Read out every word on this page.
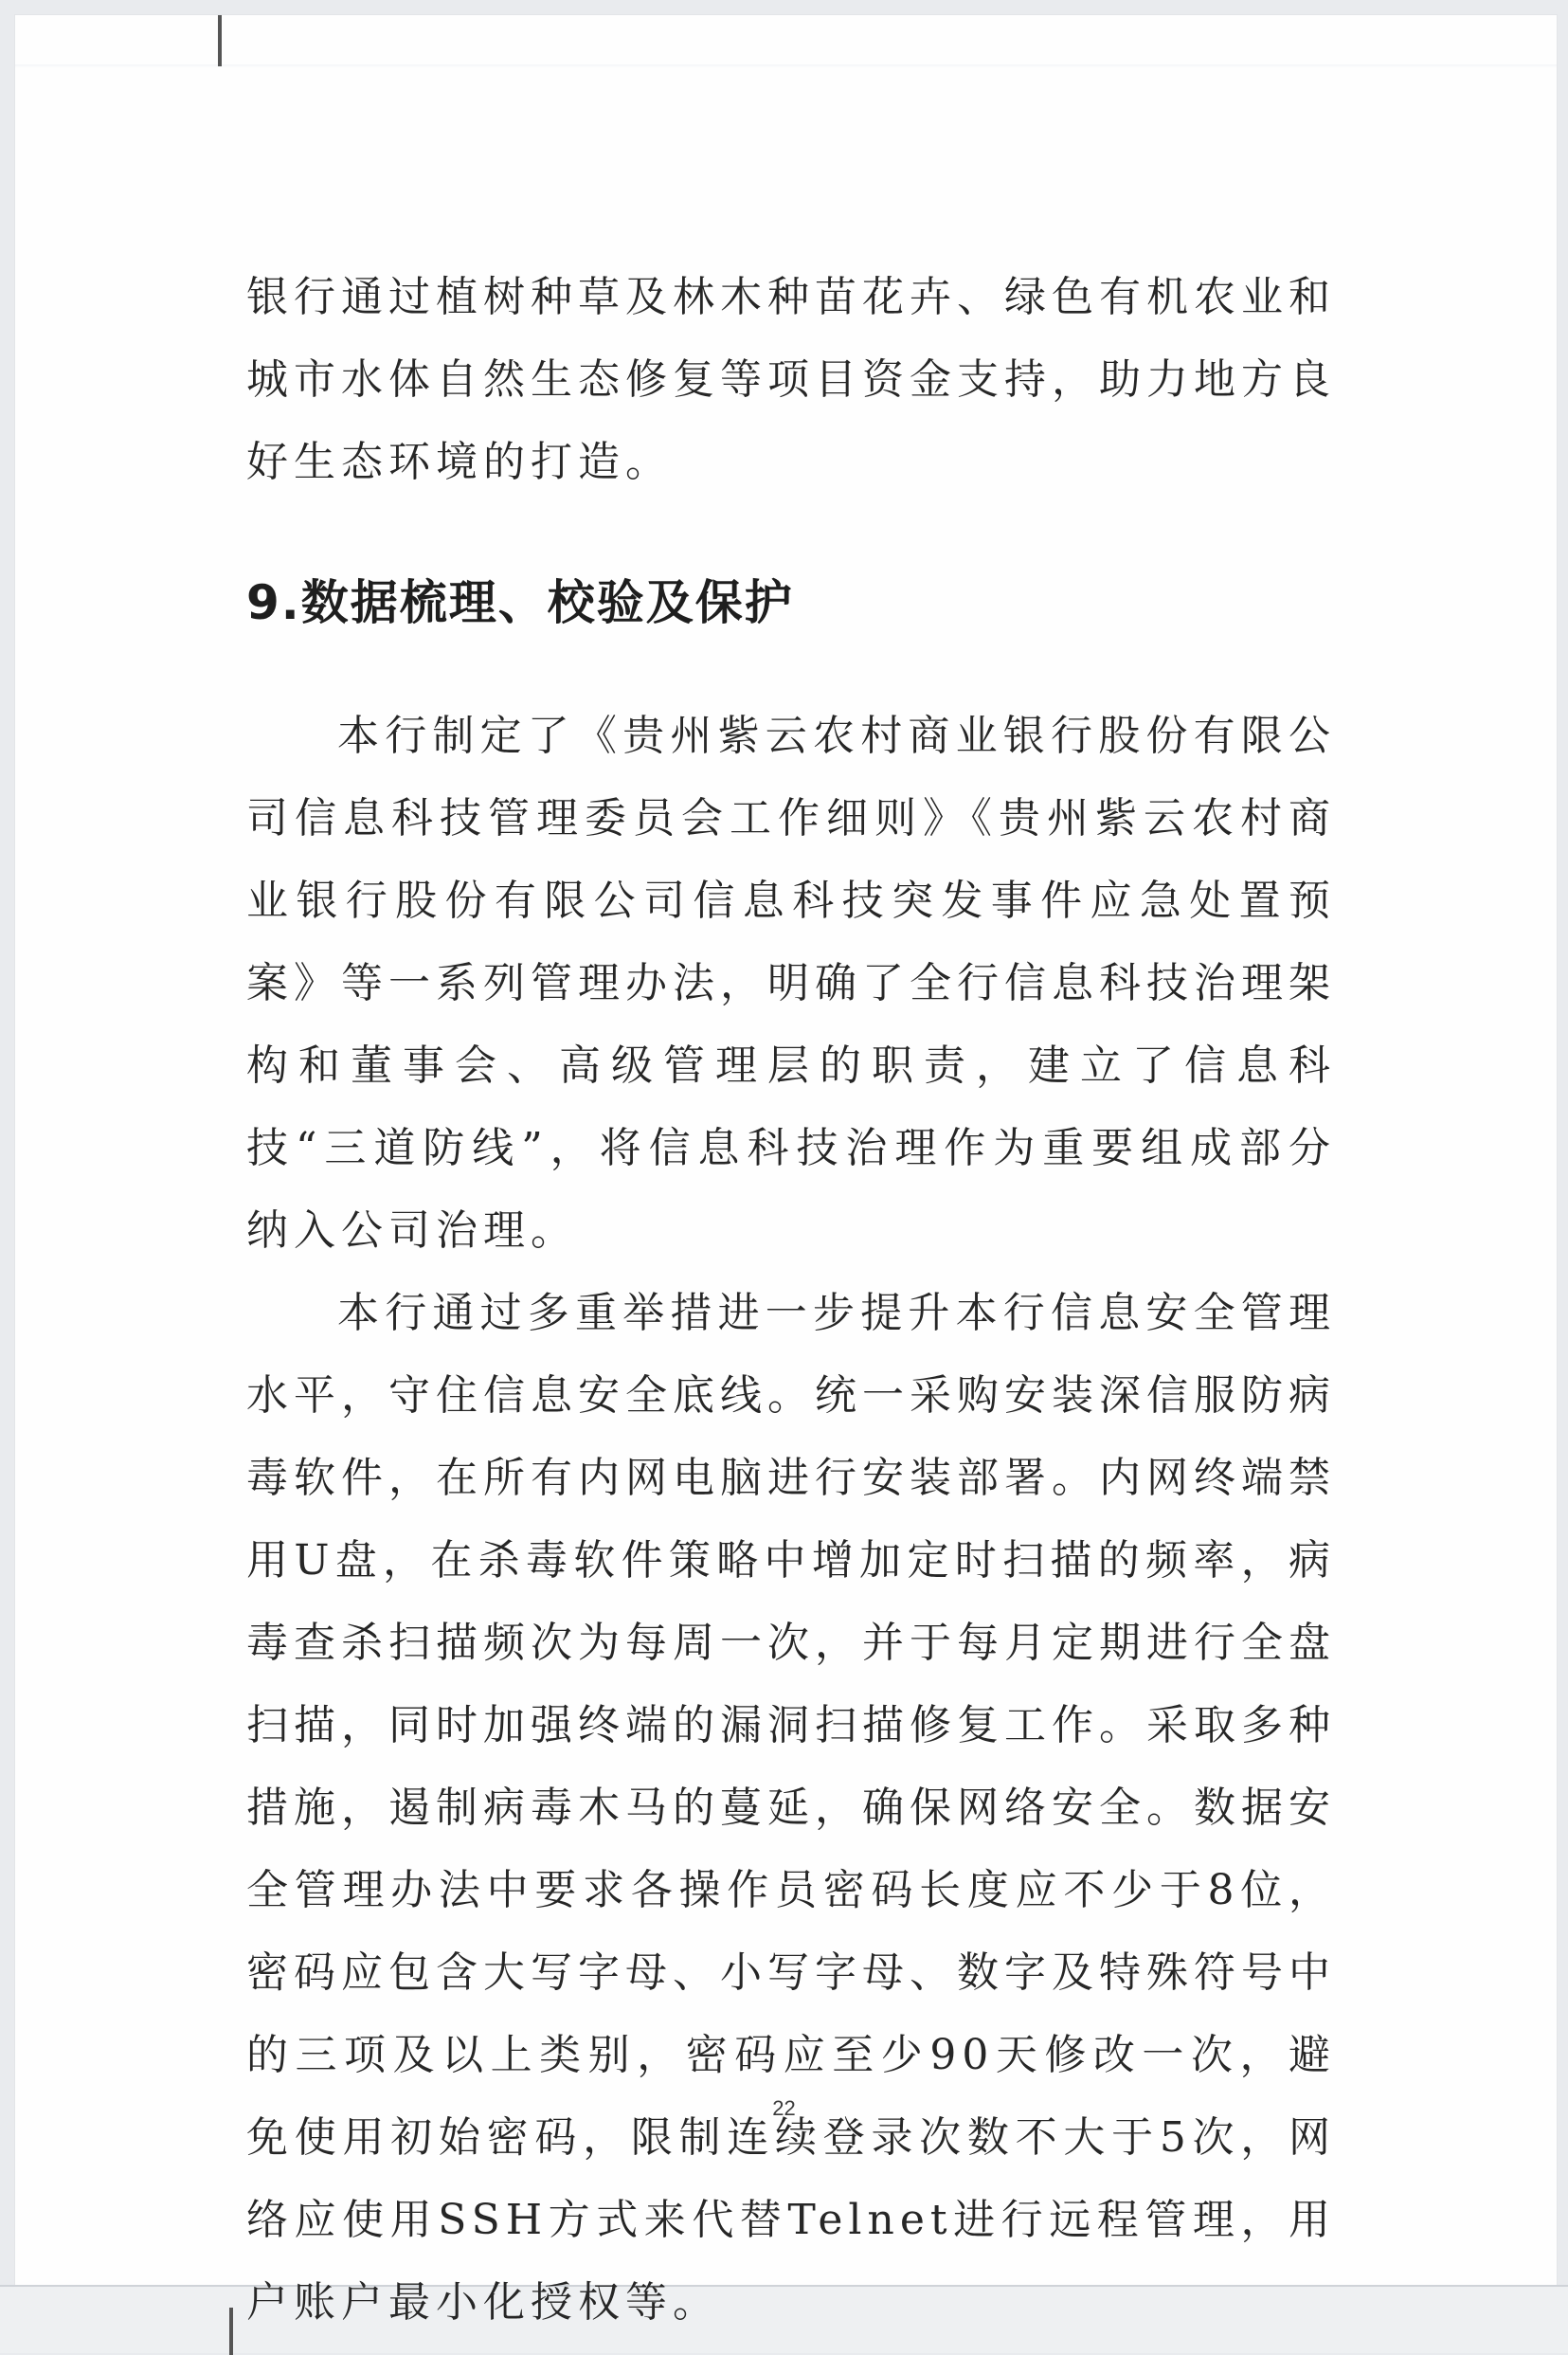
银行通过植树种草及林木种苗花卉、绿色有机农业和城市水体自然生态修复等项目资金支持，助力地方良好生态环境的打造。

9.数据梳理、校验及保护

本行制定了《贵州紫云农村商业银行股份有限公司信息科技管理委员会工作细则》《贵州紫云农村商业银行股份有限公司信息科技突发事件应急处置预案》等一系列管理办法，明确了全行信息科技治理架构和董事会、高级管理层的职责，建立了信息科技“三道防线”，将信息科技治理作为重要组成部分纳入公司治理。

本行通过多重举措进一步提升本行信息安全管理水平，守住信息安全底线。统一采购安装深信服防病毒软件，在所有内网电脑进行安装部署。内网终端禁用U盘，在杀毒软件策略中增加定时扫描的频率，病毒查杀扫描频次为每周一次，并于每月定期进行全盘扫描，同时加强终端的漏洞扫描修复工作。采取多种措施，遏制病毒木马的蔓延，确保网络安全。数据安全管理办法中要求各操作员密码长度应不少于8位，密码应包含大写字母、小写字母、数字及特殊符号中的三项及以上类别，密码应至少90天修改一次，避免使用初始密码，限制连续登录次数不大于5次，网络应使用SSH方式来代替Telnet进行远程管理，用户账户最小化授权等。

22
